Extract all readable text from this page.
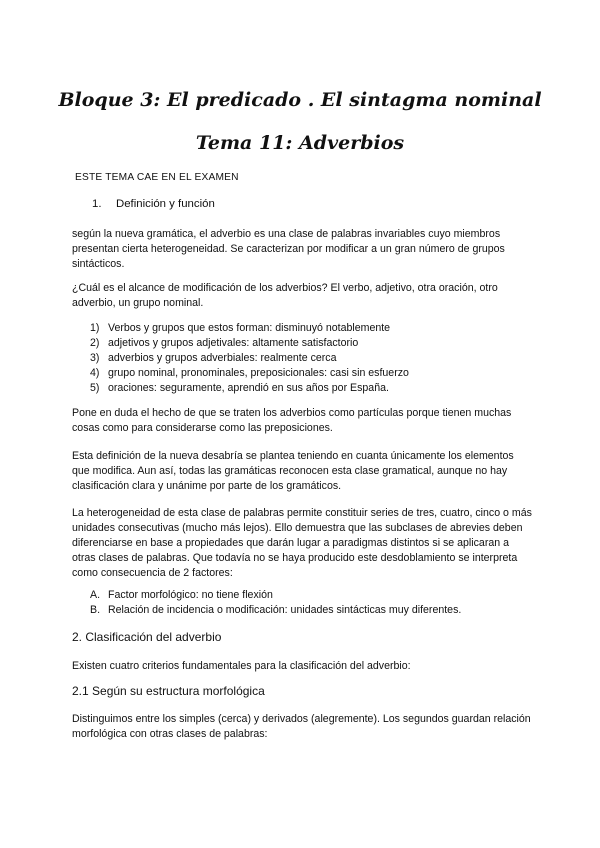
Bloque 3: El predicado . El sintagma nominal
Tema 11: Adverbios
ESTE TEMA CAE EN EL EXAMEN
1. Definición y función

según la nueva gramática, el adverbio es una clase de palabras invariables cuyo miembros presentan cierta heterogeneidad. Se caracterizan por modificar a un gran número de grupos sintácticos.

¿Cuál es el alcance de modificación de los adverbios? El verbo, adjetivo, otra oración, otro adverbio, un grupo nominal.

1) Verbos y grupos que estos forman: disminuyó notablemente
2) adjetivos y grupos adjetivales: altamente satisfactorio
3) adverbios y grupos adverbiales: realmente cerca
4) grupo nominal, pronominales, preposicionales: casi sin esfuerzo
5) oraciones: seguramente, aprendió en sus años por España.

Pone en duda el hecho de que se traten los adverbios como partículas porque tienen muchas cosas como para considerarse como las preposiciones.

Esta definición de la nueva desabría se plantea teniendo en cuanta únicamente los elementos que modifica. Aun así, todas las gramáticas reconocen esta clase gramatical, aunque no hay clasificación clara y unánime por parte de los gramáticos.

La heterogeneidad de esta clase de palabras permite constituir series de tres, cuatro, cinco o más unidades consecutivas (mucho más lejos). Ello demuestra que las subclases de abrevies deben diferenciarse en base a propiedades que darán lugar a paradigmas distintos si se aplicaran a otras clases de palabras. Que todavía no se haya producido este desdoblamiento se interpreta como consecuencia de 2 factores:

A. Factor morfológico: no tiene flexión
B. Relación de incidencia o modificación: unidades sintácticas muy diferentes.
2. Clasificación del adverbio

Existen cuatro criterios fundamentales para la clasificación del adverbio:

2.1 Según su estructura morfológica

Distinguimos entre los simples (cerca) y derivados (alegremente). Los segundos guardan relación morfológica con otras clases de palabras:
